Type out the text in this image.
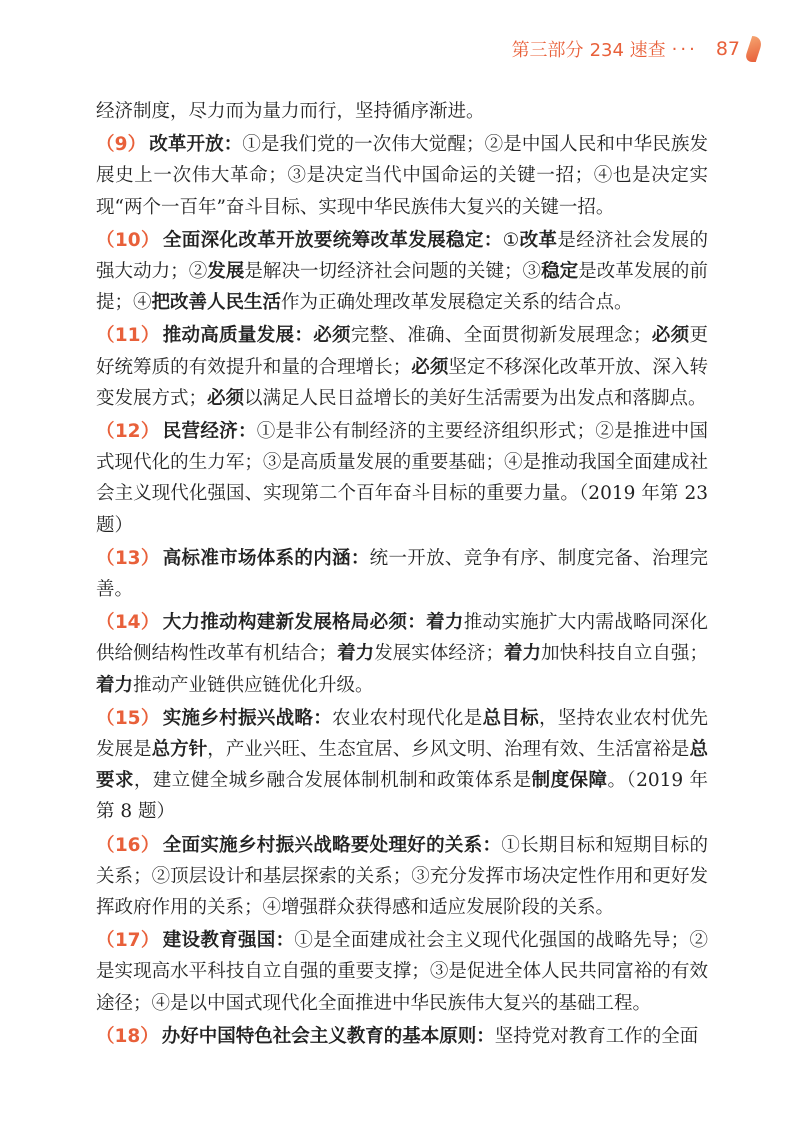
第三部分 234 速查 ··· 87

经济制度，尽力而为量力而行，坚持循序渐进。

（9） 改革开放：①是我们党的一次伟大觉醒；②是中国人民和中华民族发展史上一次伟大革命；③是决定当代中国命运的关键一招；④也是决定实现“两个一百年”奋斗目标、实现中华民族伟大复兴的关键一招。

（10） 全面深化改革开放要统筹改革发展稳定：①改革是经济社会发展的强大动力；②发展是解决一切经济社会问题的关键；③稳定是改革发展的前提；④把改善人民生活作为正确处理改革发展稳定关系的结合点。

（11） 推动高质量发展：必须完整、准确、全面贯彻新发展理念；必须更好统筹质的有效提升和量的合理增长；必须坚定不移深化改革开放、深入转变发展方式；必须以满足人民日益增长的美好生活需要为出发点和落脚点。

（12） 民营经济：①是非公有制经济的主要经济组织形式；②是推进中国式现代化的生力军；③是高质量发展的重要基础；④是推动我国全面建成社会主义现代化强国、实现第二个百年奋斗目标的重要力量。（2019 年第 23 题）

（13） 高标准市场体系的内涵：统一开放、竞争有序、制度完备、治理完善。

（14） 大力推动构建新发展格局必须：着力推动实施扩大内需战略同深化供给侧结构性改革有机结合；着力发展实体经济；着力加快科技自立自强；着力推动产业链供应链优化升级。

（15） 实施乡村振兴战略：农业农村现代化是总目标，坚持农业农村优先发展是总方针，产业兴旺、生态宜居、乡风文明、治理有效、生活富裕是总要求，建立健全城乡融合发展体制机制和政策体系是制度保障。（2019 年第 8 题）

（16） 全面实施乡村振兴战略要处理好的关系：①长期目标和短期目标的关系；②顶层设计和基层探索的关系；③充分发挥市场决定性作用和更好发挥政府作用的关系；④增强群众获得感和适应发展阶段的关系。

（17） 建设教育强国：①是全面建成社会主义现代化强国的战略先导；②是实现高水平科技自立自强的重要支撑；③是促进全体人民共同富裕的有效途径；④是以中国式现代化全面推进中华民族伟大复兴的基础工程。

（18） 办好中国特色社会主义教育的基本原则：坚持党对教育工作的全面
